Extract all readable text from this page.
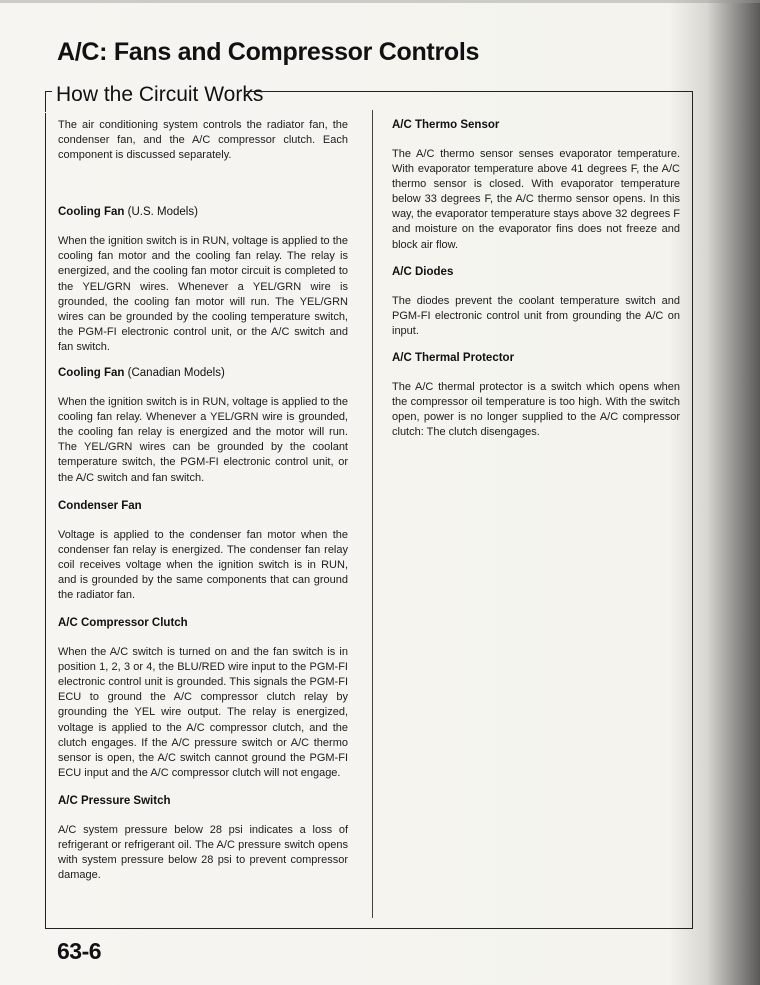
A/C: Fans and Compressor Controls
How the Circuit Works

The air conditioning system controls the radiator fan, the condenser fan, and the A/C compressor clutch. Each component is discussed separately.

Cooling Fan (U.S. Models)

When the ignition switch is in RUN, voltage is applied to the cooling fan motor and the cooling fan relay. The relay is energized, and the cooling fan motor circuit is completed to the YEL/GRN wires. Whenever a YEL/GRN wire is grounded, the cooling fan motor will run. The YEL/GRN wires can be grounded by the cooling temperature switch, the PGM-FI electronic control unit, or the A/C switch and fan switch.

Cooling Fan (Canadian Models)

When the ignition switch is in RUN, voltage is applied to the cooling fan relay. Whenever a YEL/GRN wire is grounded, the cooling fan relay is energized and the motor will run. The YEL/GRN wires can be grounded by the coolant temperature switch, the PGM-FI electronic control unit, or the A/C switch and fan switch.

Condenser Fan

Voltage is applied to the condenser fan motor when the condenser fan relay is energized. The condenser fan relay coil receives voltage when the ignition switch is in RUN, and is grounded by the same components that can ground the radiator fan.

A/C Compressor Clutch

When the A/C switch is turned on and the fan switch is in position 1, 2, 3 or 4, the BLU/RED wire input to the PGM-FI electronic control unit is grounded. This signals the PGM-FI ECU to ground the A/C compressor clutch relay by grounding the YEL wire output. The relay is energized, voltage is applied to the A/C compressor clutch, and the clutch engages. If the A/C pressure switch or A/C thermo sensor is open, the A/C switch cannot ground the PGM-FI ECU input and the A/C compressor clutch will not engage.

A/C Pressure Switch

A/C system pressure below 28 psi indicates a loss of refrigerant or refrigerant oil. The A/C pressure switch opens with system pressure below 28 psi to prevent compressor damage.

A/C Thermo Sensor

The A/C thermo sensor senses evaporator temperature. With evaporator temperature above 41 degrees F, the A/C thermo sensor is closed. With evaporator temperature below 33 degrees F, the A/C thermo sensor opens. In this way, the evaporator temperature stays above 32 degrees F and moisture on the evaporator fins does not freeze and block air flow.

A/C Diodes

The diodes prevent the coolant temperature switch and PGM-FI electronic control unit from grounding the A/C on input.

A/C Thermal Protector

The A/C thermal protector is a switch which opens when the compressor oil temperature is too high. With the switch open, power is no longer supplied to the A/C compressor clutch: The clutch disengages.

63-6
